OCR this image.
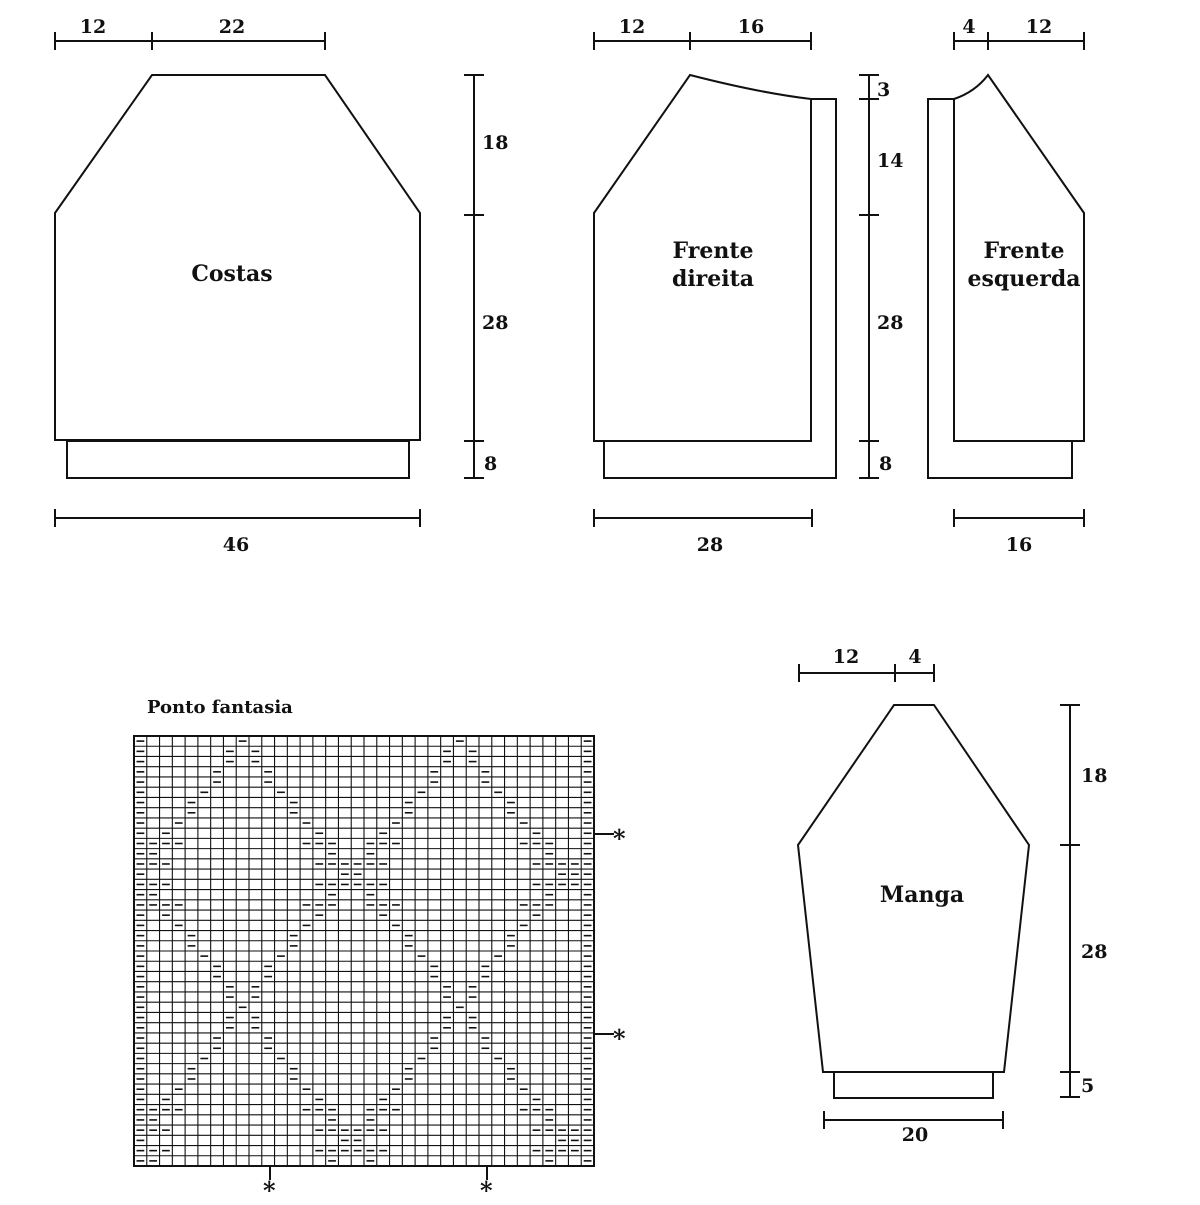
Costas
12	22
46
18
28
8
Frente
direita
12	16
28
3
14
28
8
Frente
esquerda
4	12
16
Manga
12	4
20
18
28
5
Ponto fantasia
*
*
*	*
